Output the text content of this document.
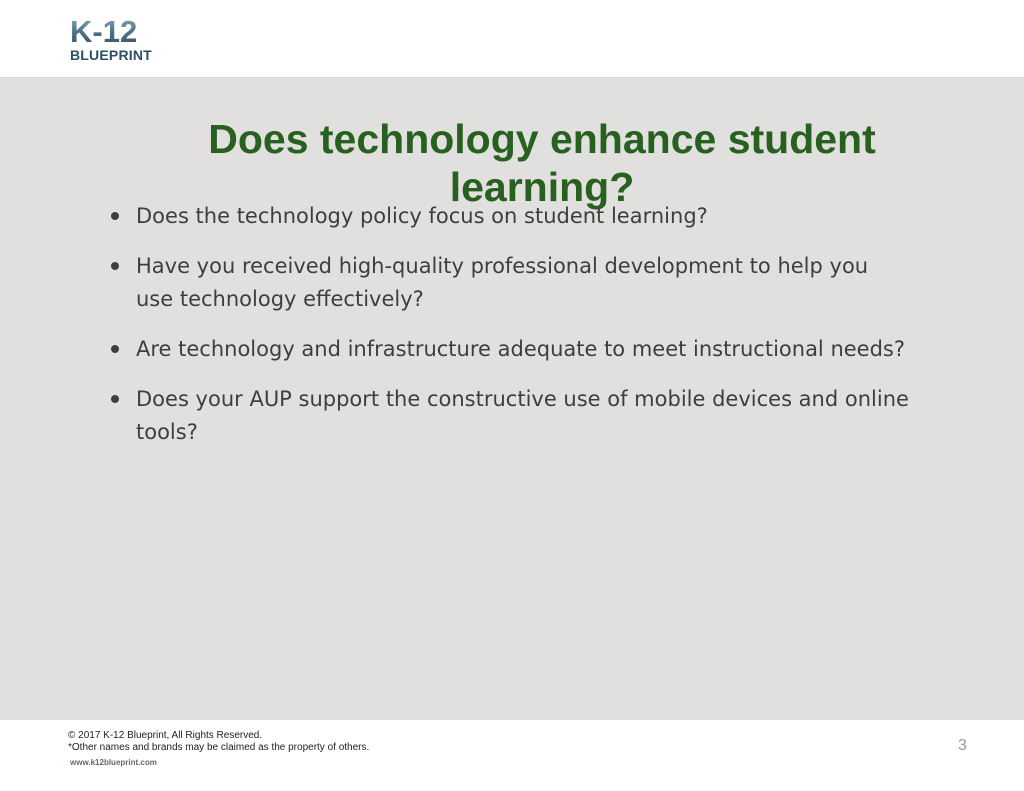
K-12
BLUEPRINT
Does technology enhance student learning?
Does the technology policy focus on student learning?
Have you received high-quality professional development to help you use technology effectively?
Are technology and infrastructure adequate to meet instructional needs?
Does your AUP support the constructive use of mobile devices and online tools?
© 2017 K-12 Blueprint, All Rights Reserved.
*Other names and brands may be claimed as the property of others.
www.k12blueprint.com
3
